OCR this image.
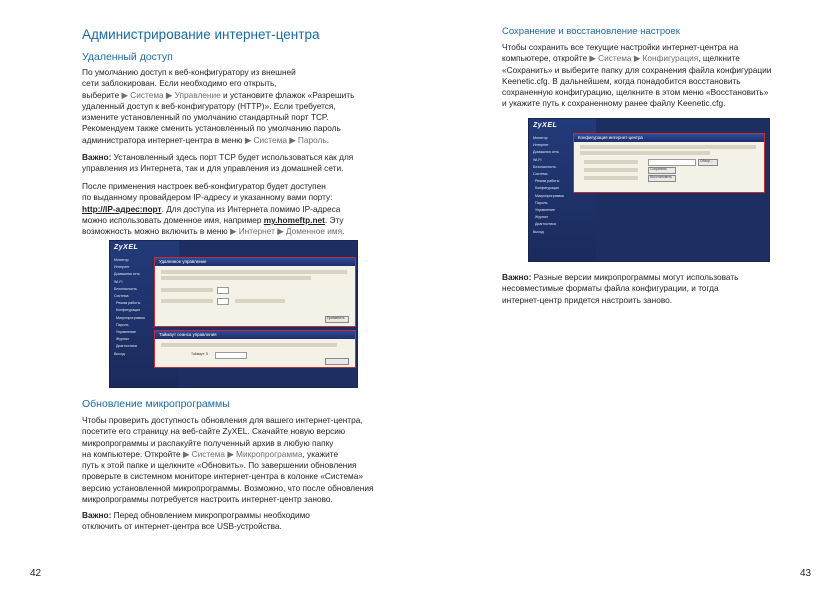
Администрирование интернет-центра
Удаленный доступ
По умолчанию доступ к веб-конфигуратору из внешней
сети заблокирован. Если необходимо его открыть,
выберите ▶ Система ▶ Управление и установите флажок «Разрешить
удаленный доступ к веб-конфигуратору (HTTP)». Если требуется,
измените установленный по умолчанию стандартный порт TCP.
Рекомендуем также сменить установленный по умолчанию пароль
администратора интернет-центра в меню ▶ Система ▶ Пароль.
Важно: Установленный здесь порт TCP будет использоваться как для
управления из Интернета, так и для управления из домашней сети.
После применения настроек веб-конфигуратор будет доступен
по выданному провайдером IP-адресу и указанному вами порту:
http://IP-адрес:порт. Для доступа из Интернета помимо IP-адреса
можно использовать доменное имя, например my.homeftp.net. Эту
возможность можно включить в меню ▶ Интернет ▶ Доменное имя.
ZyXEL
Монитор
Интернет
Домашняя сеть
Wi-Fi
Безопасность
Система
Режим работы
Конфигурация
Микропрограмма
Пароль
Управление
Журнал
Диагностика
Выход
Удаленное управление
Применить
Таймаут сеанса управления
Таймаут: 5
Обновление микропрограммы
Чтобы проверить доступность обновления для вашего интернет-центра,
посетите его страницу на веб-сайте ZyXEL. Скачайте новую версию
микропрограммы и распакуйте полученный архив в любую папку
на компьютере. Откройте ▶ Система ▶ Микропрограмма, укажите
путь к этой папке и щелкните «Обновить». По завершении обновления
проверьте в системном мониторе интернет-центра в колонке «Система»
версию установленной микропрограммы. Возможно, что после обновления
микропрограммы потребуется настроить интернет-центр заново.
Важно: Перед обновлением микропрограммы необходимо
отключить от интернет-центра все USB-устройства.
42
Сохранение и восстановление настроек
Чтобы сохранить все текущие настройки интернет-центра на
компьютере, откройте ▶ Система ▶ Конфигурация, щелкните
«Сохранить» и выберите папку для сохранения файла конфигурации
Keenetic.cfg. В дальнейшем, когда понадобится восстановить
сохраненную конфигурацию, щелкните в этом меню «Восстановить»
и укажите путь к сохраненному ранее файлу Keenetic.cfg.
ZyXEL
Монитор
Интернет
Домашняя сеть
Wi-Fi
Безопасность
Система
Режим работы
Конфигурация
Микропрограмма
Пароль
Управление
Журнал
Диагностика
Выход
Конфигурация интернет-центра
Обзор...
Сохранить
Восстановить
Важно: Разные версии микропрограммы могут использовать
несовместимые форматы файла конфигурации, и тогда
интернет-центр придется настроить заново.
43
